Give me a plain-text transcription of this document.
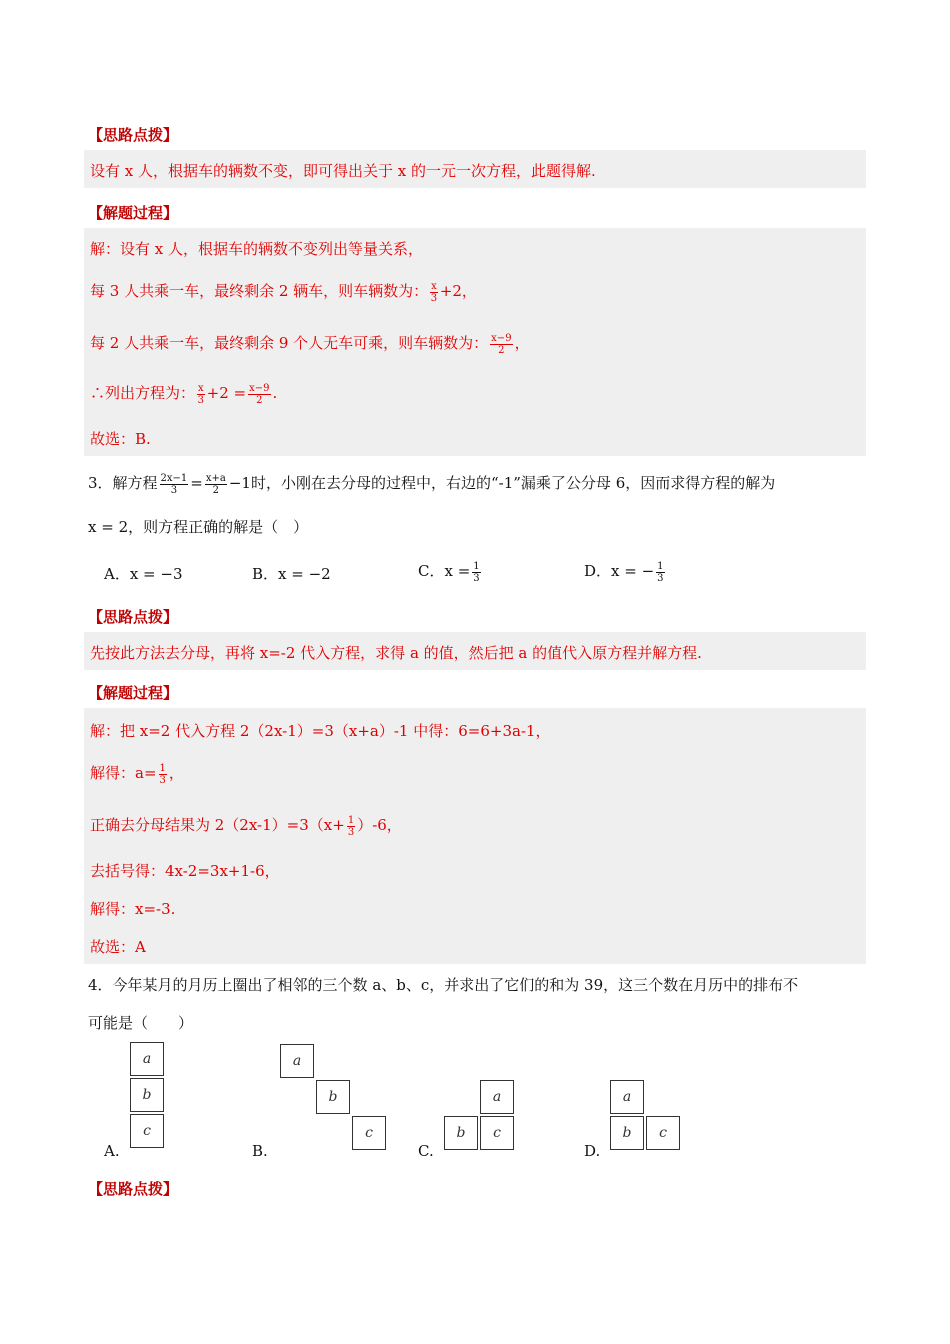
【思路点拨】
设有 x 人，根据车的辆数不变，即可得出关于 x 的一元一次方程，此题得解.
【解题过程】
解：设有 x 人，根据车的辆数不变列出等量关系，
每 3 人共乘一车，最终剩余 2 辆车，则车辆数为： $\frac{x}{3} +2$，
每 2 人共乘一车，最终剩余 9 个人无车可乘，则车辆数为： $\frac{x-9}{2}$ ，
∴列出方程为： $\frac{x}{3} +2 = \frac{x-9}{2}$ .
故选：B.
3．解方程 $\frac{2x-1}{3} = \frac{x+a}{2} -1$时，小刚在去分母的过程中，右边的“-1”漏乘了公分母 6，因而求得方程的解为
x = 2，则方程正确的解是（　）
A．x = −3	B．x = −2	C．$x = \frac{1}{3}$	D．x = − $\frac{1}{3}$
【思路点拨】
先按此方法去分母，再将 x=-2 代入方程，求得 a 的值，然后把 a 的值代入原方程并解方程.
【解题过程】
解：把 x=2 代入方程 2（2x-1）=3（x+a）-1 中得：6=6+3a-1，
解得：$a= \frac{1}{3}$ ，
正确去分母结果为 $2(2x-1)=3(x+ \frac{1}{3} )-6$，
去括号得：4x-2=3x+1-6，
解得：x=-3.
故选：A
4．今年某月的月历上圈出了相邻的三个数 a、b、c，并求出了它们的和为 39，这三个数在月历中的排布不
可能是（　　）
A.
a
b
c
B.
a
b
c
C.
a
b	c
D.
a
b	c
【思路点拨】
